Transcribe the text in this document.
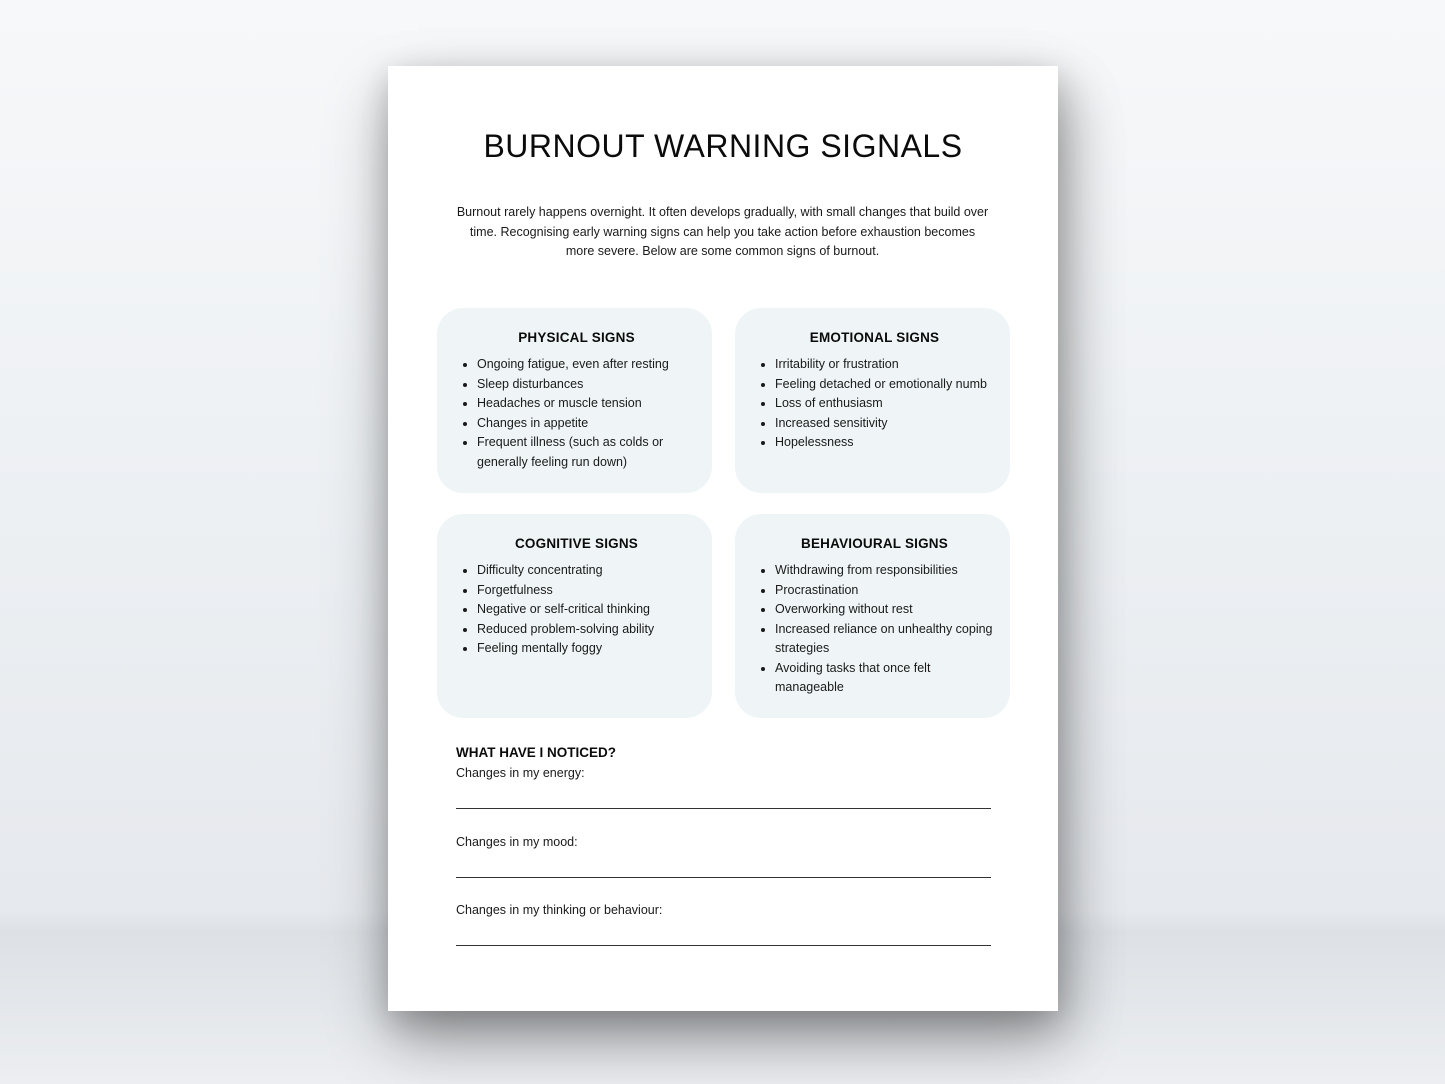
BURNOUT WARNING SIGNALS

Burnout rarely happens overnight. It often develops gradually, with small changes that build over time. Recognising early warning signs can help you take action before exhaustion becomes more severe. Below are some common signs of burnout.

PHYSICAL SIGNS
• Ongoing fatigue, even after resting
• Sleep disturbances
• Headaches or muscle tension
• Changes in appetite
• Frequent illness (such as colds or generally feeling run down)
EMOTIONAL SIGNS
• Irritability or frustration
• Feeling detached or emotionally numb
• Loss of enthusiasm
• Increased sensitivity
• Hopelessness
COGNITIVE SIGNS
• Difficulty concentrating
• Forgetfulness
• Negative or self-critical thinking
• Reduced problem-solving ability
• Feeling mentally foggy
BEHAVIOURAL SIGNS
• Withdrawing from responsibilities
• Procrastination
• Overworking without rest
• Increased reliance on unhealthy coping strategies
• Avoiding tasks that once felt manageable
WHAT HAVE I NOTICED?

Changes in my energy:

Changes in my mood:

Changes in my thinking or behaviour:
